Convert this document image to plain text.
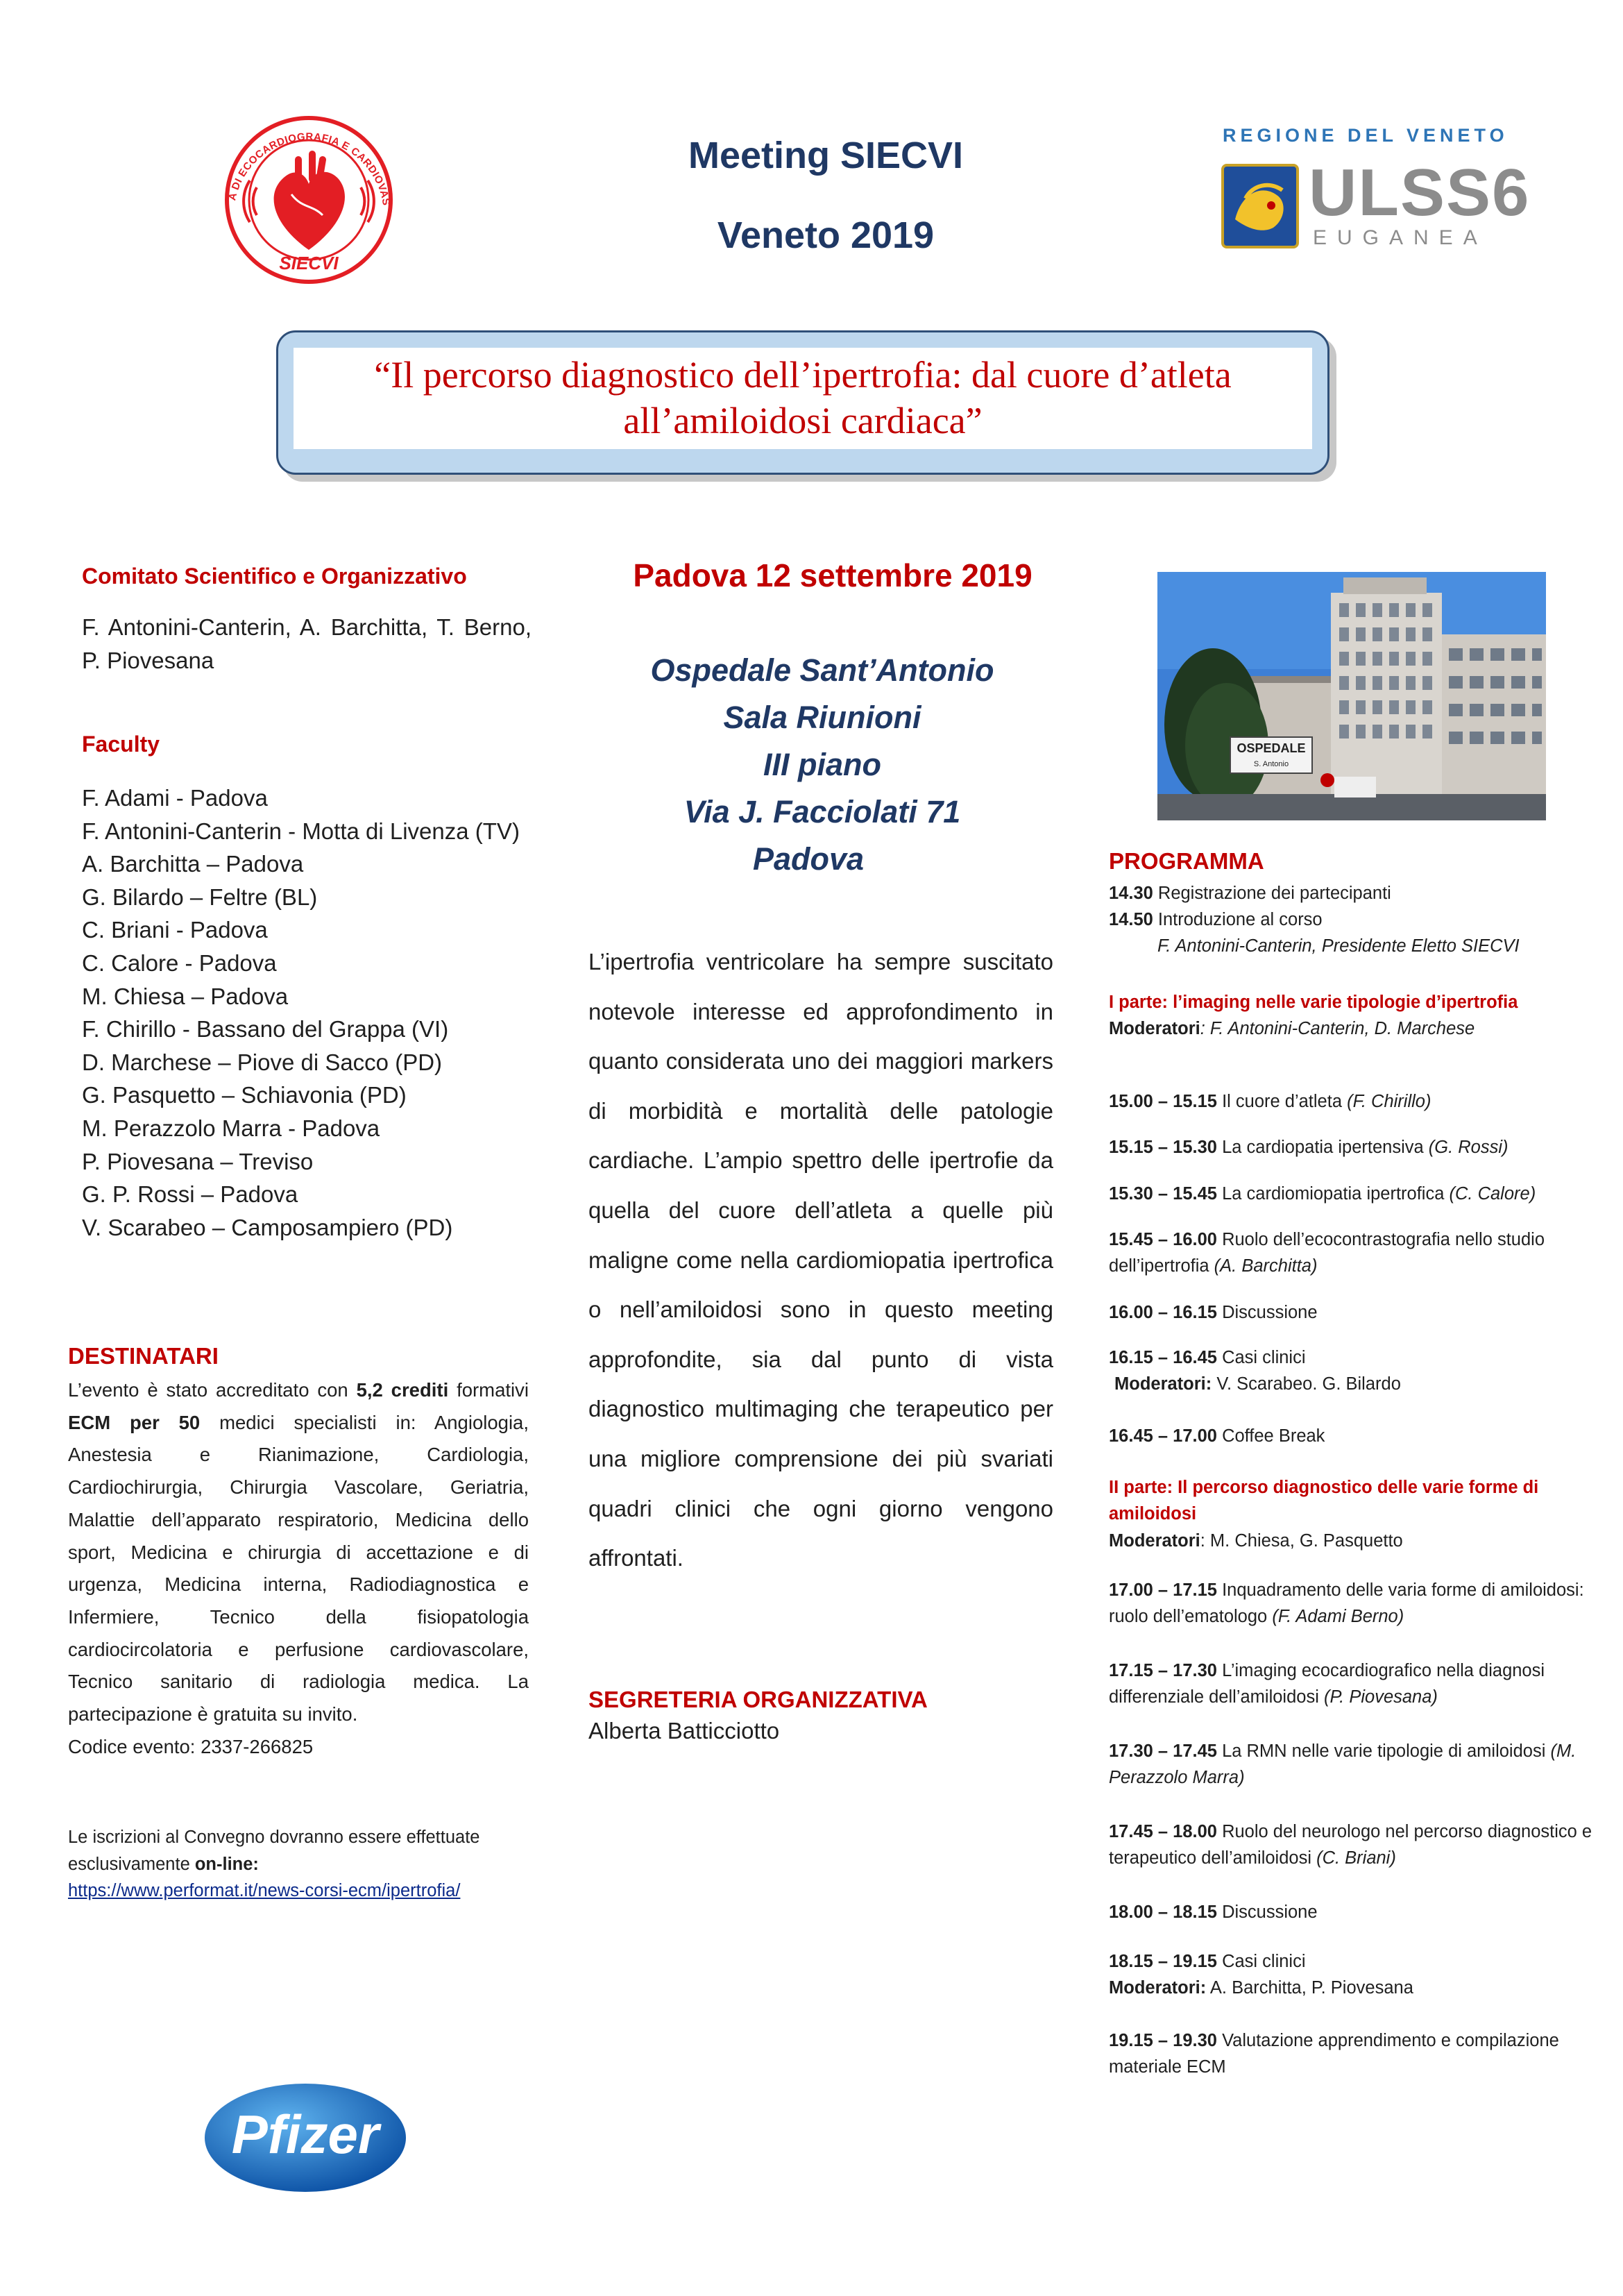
A DI ECOCARDIOGRAFIA E CARDIOVAS
SIECVI
Meeting SIECVI
Veneto 2019
REGIONE DEL VENETO
ULSS6
EUGANEA
“Il percorso diagnostico dell’ipertrofia: dal cuore d’atleta all’amiloidosi cardiaca”
Comitato Scientifico e Organizzativo
F. Antonini-Canterin, A. Barchitta, T. Berno, P. Piovesana
Faculty
F. Adami - Padova
F. Antonini-Canterin - Motta di Livenza (TV)
A. Barchitta – Padova
G. Bilardo – Feltre (BL)
C. Briani - Padova
C. Calore - Padova
M. Chiesa – Padova
F. Chirillo - Bassano del Grappa (VI)
D. Marchese – Piove di Sacco (PD)
G. Pasquetto – Schiavonia (PD)
M. Perazzolo Marra - Padova
P. Piovesana – Treviso
G. P. Rossi – Padova
V. Scarabeo – Camposampiero (PD)
DESTINATARI
L’evento è stato accreditato con 5,2 crediti formativi ECM per 50 medici specialisti in: Angiologia, Anestesia e Rianimazione, Cardiologia, Cardiochirurgia, Chirurgia Vascolare, Geriatria, Malattie dell’apparato respiratorio, Medicina dello sport, Medicina e chirurgia di accettazione e di urgenza, Medicina interna, Radiodiagnostica e Infermiere, Tecnico della fisiopatologia cardiocircolatoria e perfusione cardiovascolare, Tecnico sanitario di radiologia medica. La partecipazione è gratuita su invito.
Codice evento: 2337-266825
Le iscrizioni al Convegno dovranno essere effettuate esclusivamente on-line:
https://www.performat.it/news-corsi-ecm/ipertrofia/
Pfizer
Padova 12 settembre 2019
Ospedale Sant’Antonio
Sala Riunioni
III piano
Via J. Facciolati 71
Padova

L’ipertrofia ventricolare ha sempre suscitato notevole interesse ed approfondimento in quanto considerata uno dei maggiori markers di morbidità e mortalità delle patologie cardiache. L’ampio spettro delle ipertrofie da quella del cuore dell’atleta a quelle più maligne come nella cardiomiopatia ipertrofica o nell’amiloidosi sono in questo meeting approfondite, sia dal punto di vista diagnostico multimaging che terapeutico per una migliore comprensione dei più svariati quadri clinici che ogni giorno vengono affrontati.

SEGRETERIA ORGANIZZATIVA
Alberta Batticciotto
OSPEDALE
S. Antonio
PROGRAMMA
14.30 Registrazione dei partecipanti
14.50 Introduzione al corso
F. Antonini-Canterin, Presidente Eletto SIECVI
I parte: l’imaging nelle varie tipologie d’ipertrofia
Moderatori: F. Antonini-Canterin, D. Marchese
15.00 – 15.15 Il cuore d’atleta (F. Chirillo)
15.15 – 15.30 La cardiopatia ipertensiva (G. Rossi)
15.30 – 15.45 La cardiomiopatia ipertrofica (C. Calore)
15.45 – 16.00 Ruolo dell’ecocontrastografia nello studio dell’ipertrofia (A. Barchitta)
16.00 – 16.15 Discussione
16.15 – 16.45 Casi clinici
Moderatori: V. Scarabeo. G. Bilardo
16.45 – 17.00 Coffee Break
II parte: Il percorso diagnostico delle varie forme di amiloidosi
Moderatori: M. Chiesa, G. Pasquetto
17.00 – 17.15 Inquadramento delle varia forme di amiloidosi: ruolo dell’ematologo (F. Adami Berno)
17.15 – 17.30 L’imaging ecocardiografico nella diagnosi differenziale dell’amiloidosi (P. Piovesana)
17.30 – 17.45 La RMN nelle varie tipologie di amiloidosi (M. Perazzolo Marra)
17.45 – 18.00 Ruolo del neurologo nel percorso diagnostico e terapeutico dell’amiloidosi (C. Briani)
18.00 – 18.15 Discussione
18.15 – 19.15 Casi clinici
Moderatori: A. Barchitta, P. Piovesana
19.15 – 19.30 Valutazione apprendimento e compilazione materiale ECM
